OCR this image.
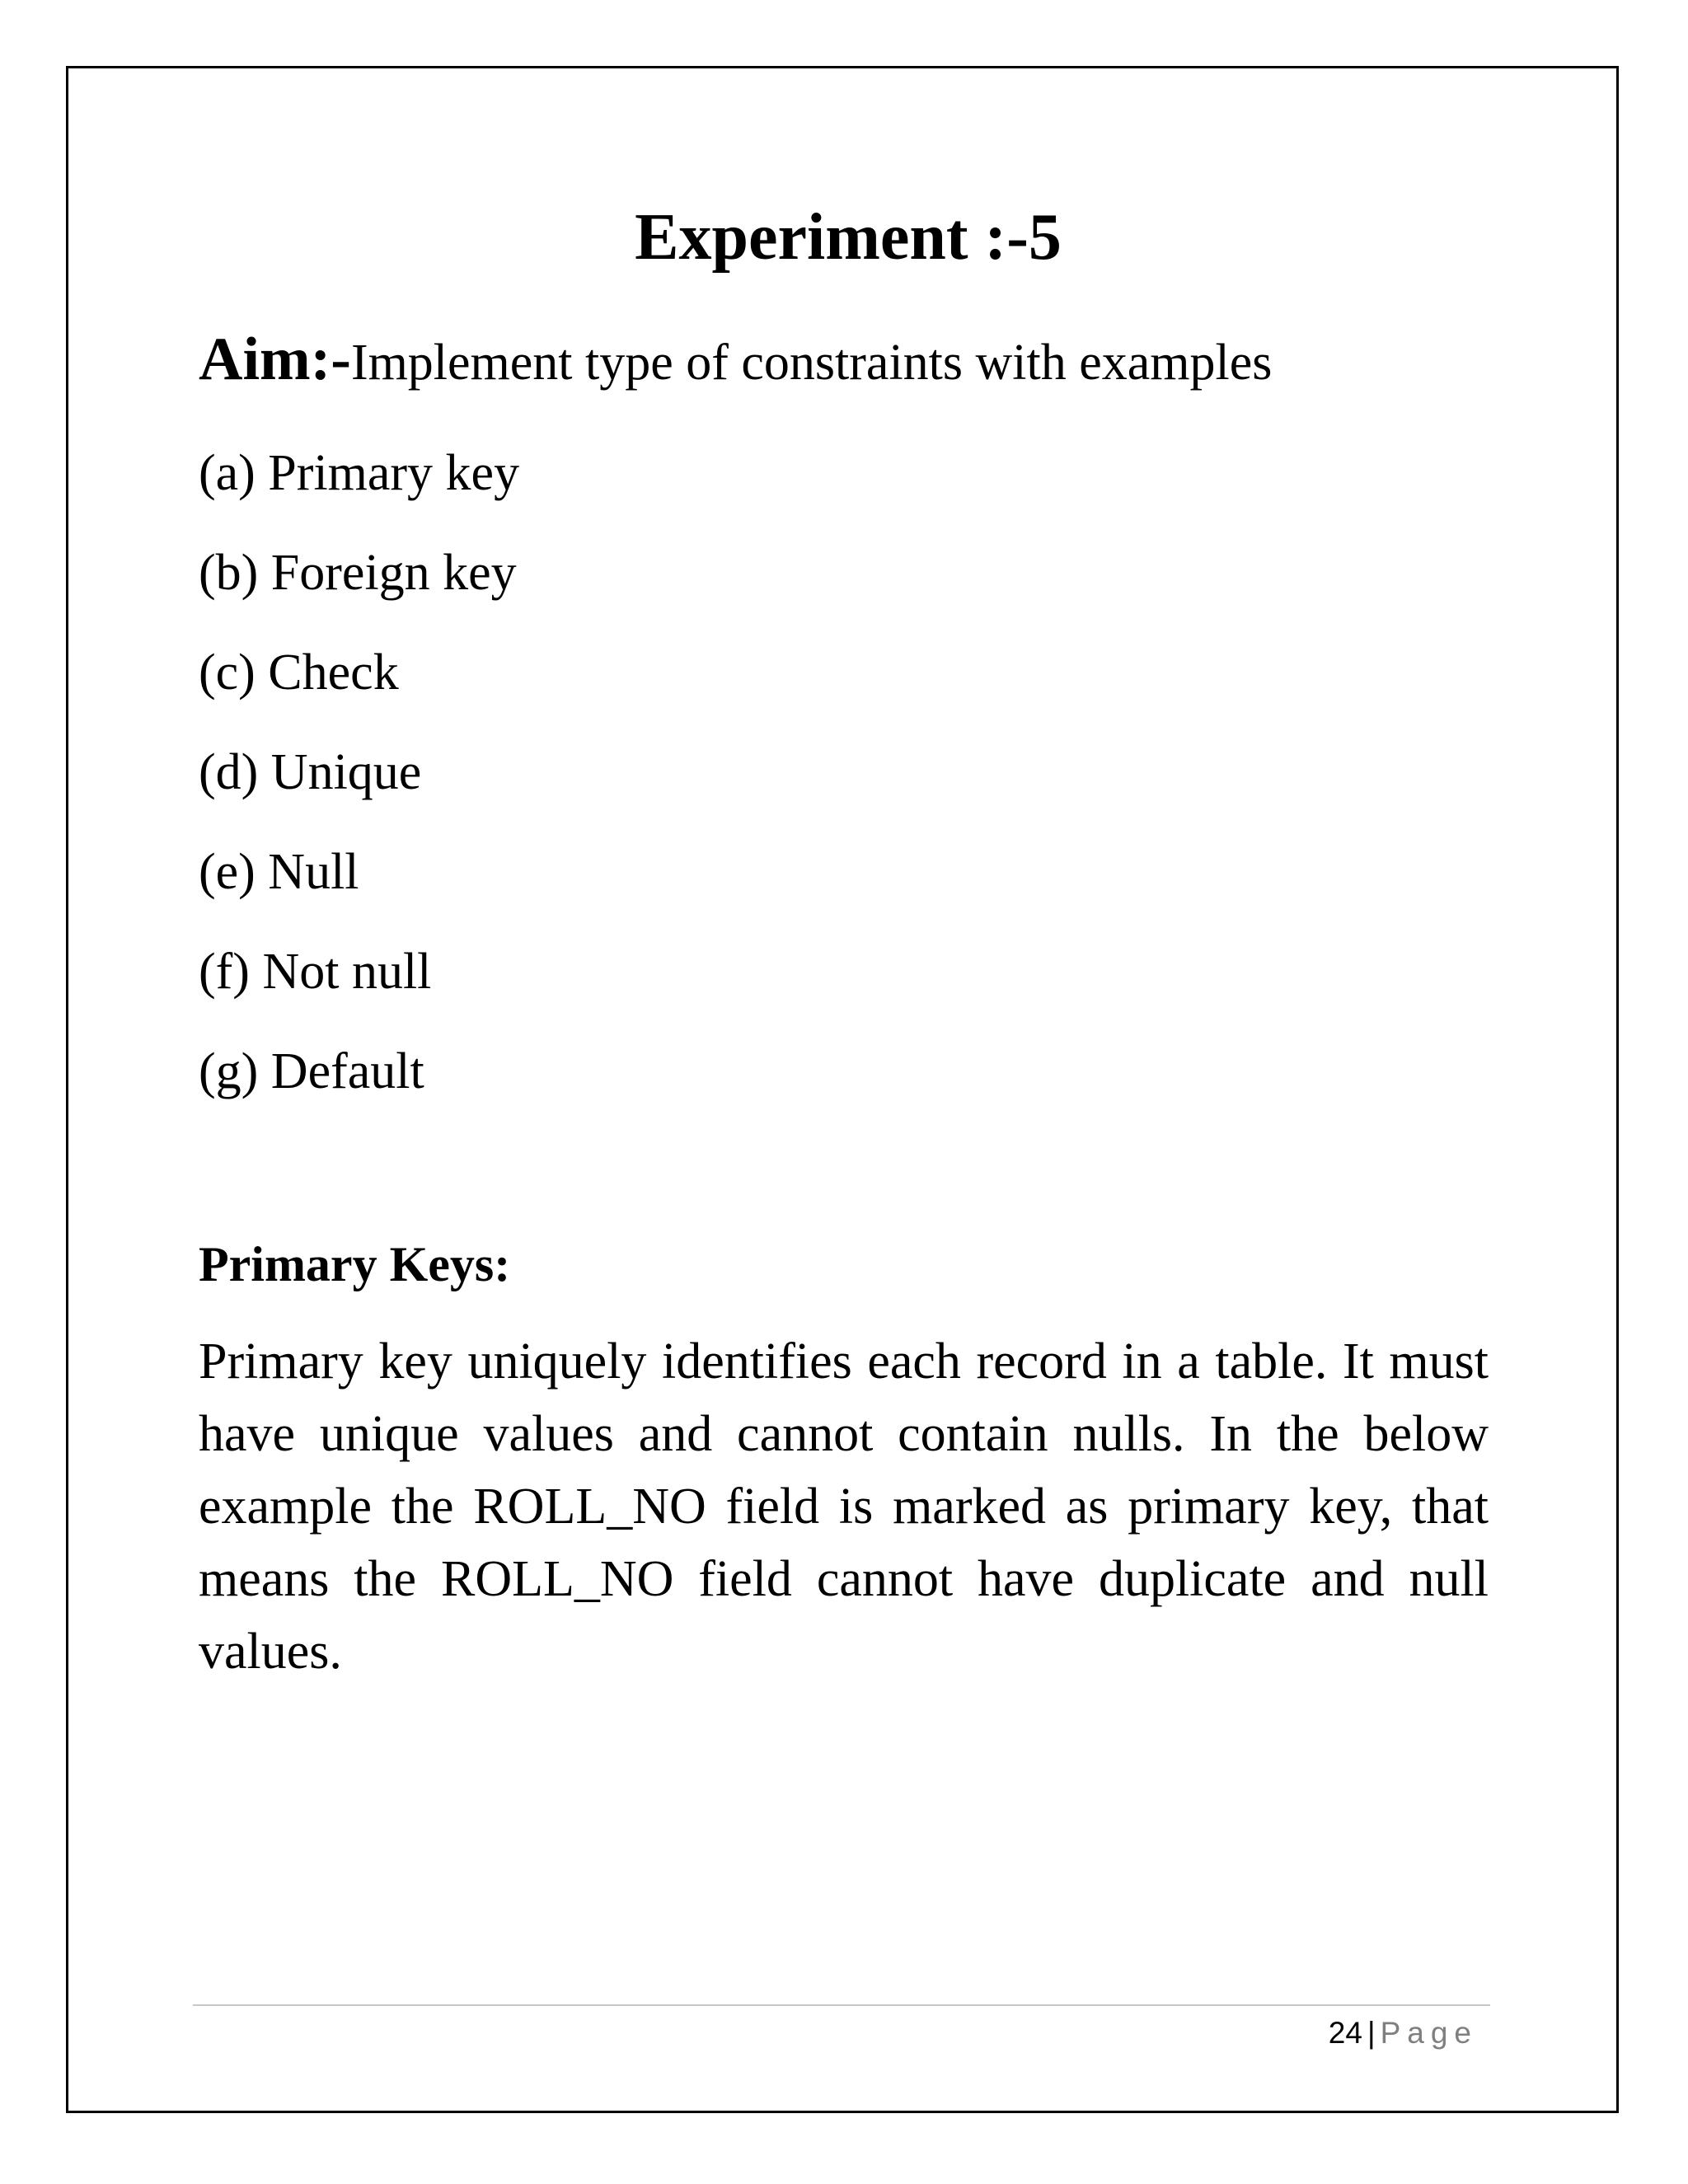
Experiment :-5
Aim:-Implement type of constraints with examples
(a) Primary key
(b) Foreign key
(c) Check
(d) Unique
(e) Null
(f) Not null
(g) Default
Primary Keys:

Primary key uniquely identifies each record in a table. It must have unique values and cannot contain nulls. In the below example the ROLL_NO field is marked as primary key, that means the ROLL_NO field cannot have duplicate and null values.

24 | Page
